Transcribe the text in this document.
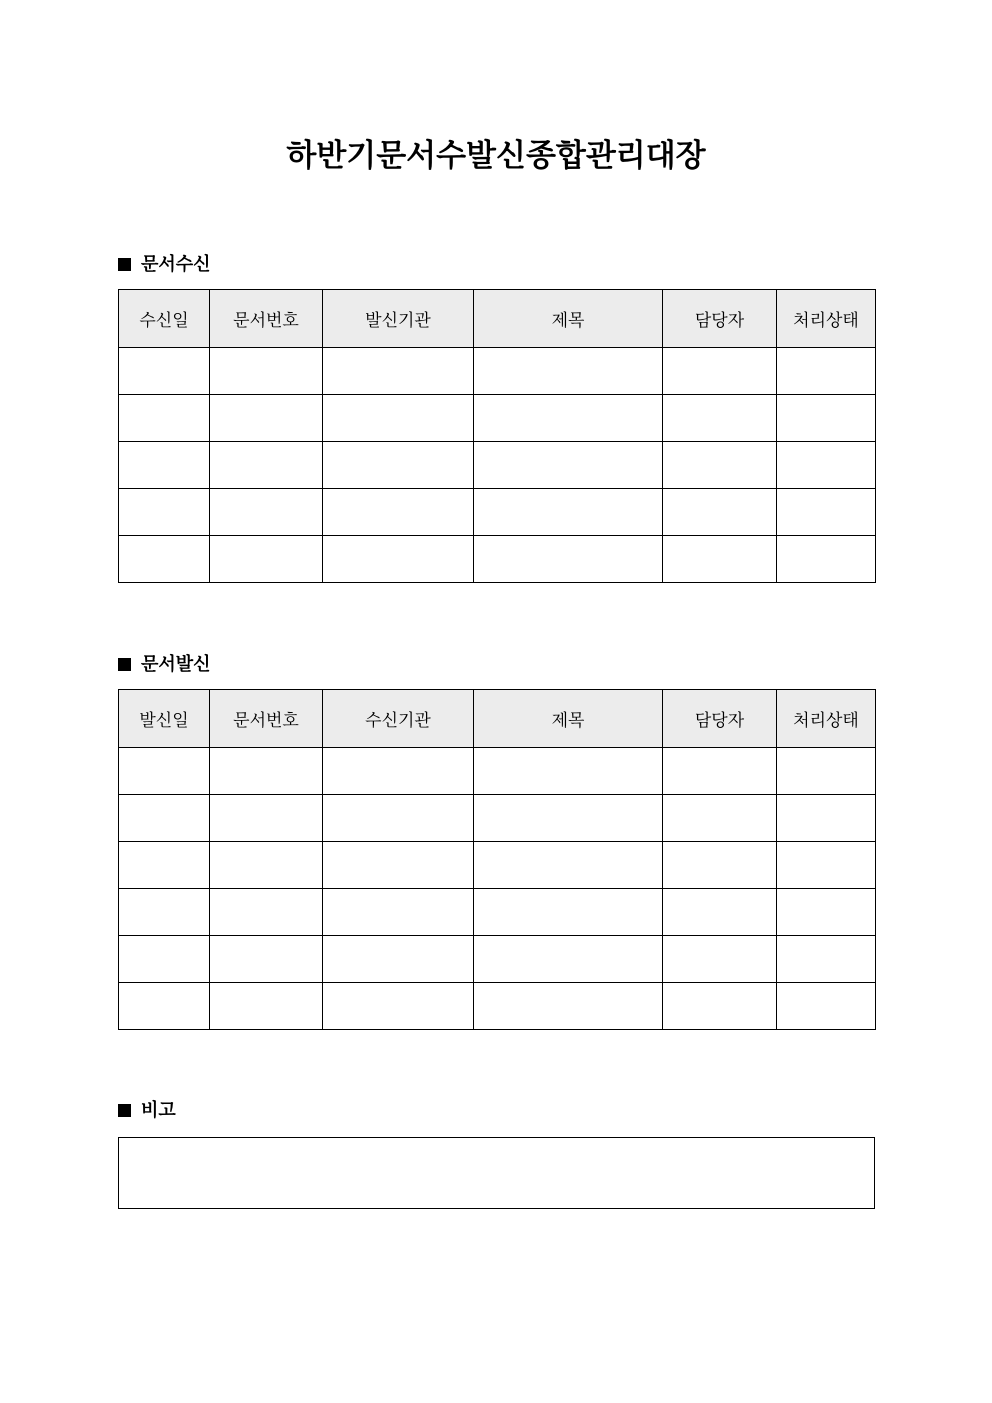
하반기문서수발신종합관리대장
문서수신
수신일	문서번호	발신기관	제목	담당자	처리상태

문서발신
발신일	문서번호	수신기관	제목	담당자	처리상태

비고
